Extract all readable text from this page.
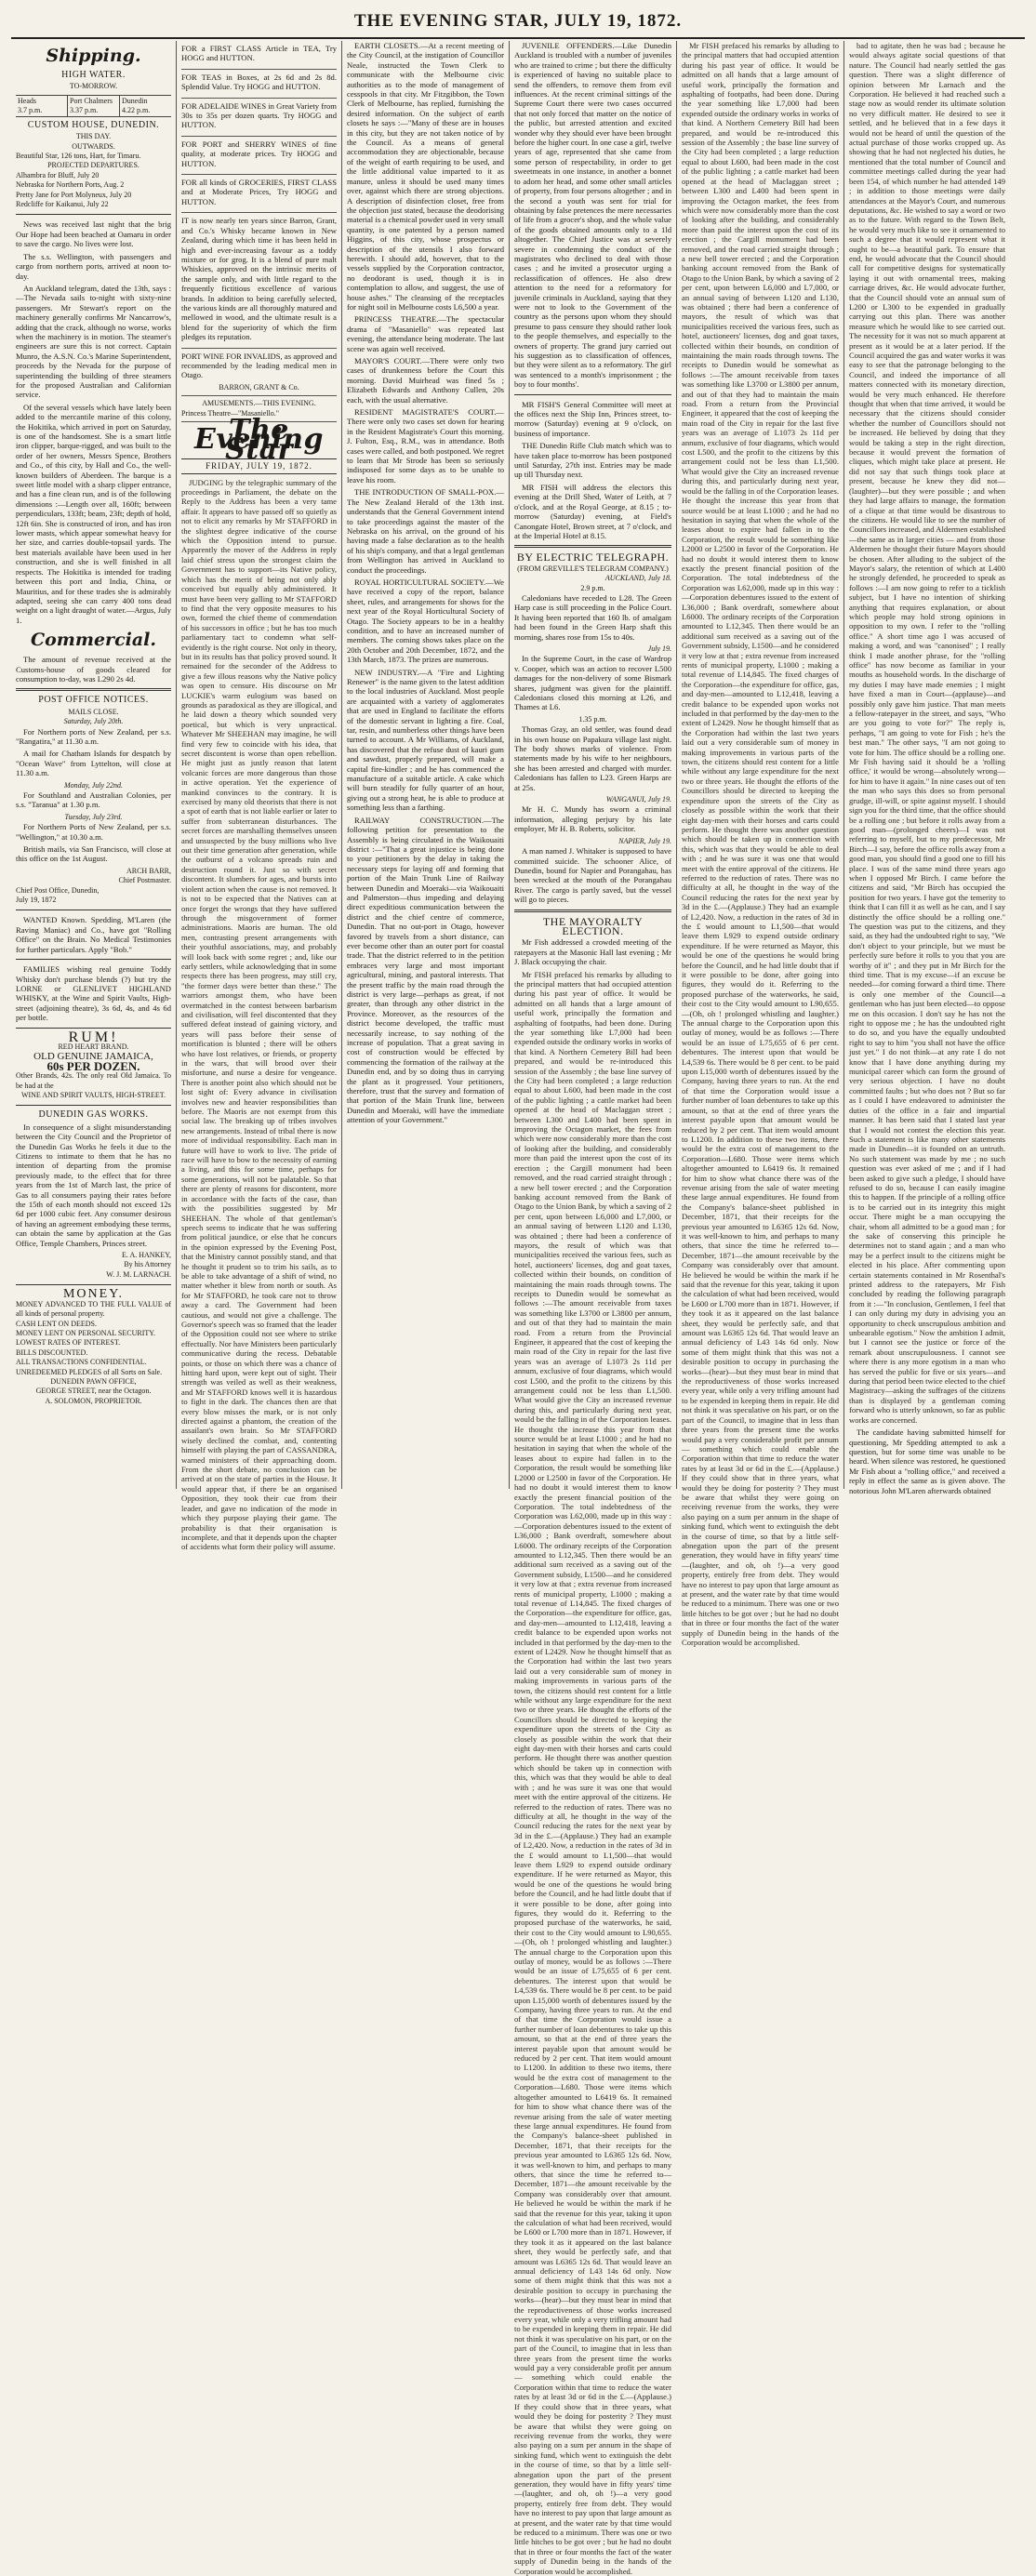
THE EVENING STAR, JULY 19, 1872.
Shipping.
HIGH WATER.
TO-MORROW.
Heads
3.7 p.m.
Port Chalmers
3.37 p.m.
Dunedin
4.22 p.m.
CUSTOM HOUSE, DUNEDIN.
THIS DAY.
OUTWARDS.
Beautiful Star, 126 tons, Hart, for Timaru.
PROJECTED DEPARTURES.
Alhambra for Bluff, July 20
Nebraska for Northern Ports, Aug. 2
Pretty Jane for Port Molyneux, July 20
Redcliffe for Kaikanui, July 22

News was received last night that the brig Our Hope had been beached at Oamaru in order to save the cargo. No lives were lost.

The s.s. Wellington, with passengers and cargo from northern ports, arrived at noon to-day.

An Auckland telegram, dated the 13th, says :—The Nevada sails to-night with sixty-nine passengers. Mr Stewart's report on the machinery generally confirms Mr Nancarrow's, adding that the crack, although no worse, works when the machinery is in motion. The steamer's engineers are sure this is not correct. Captain Munro, the A.S.N. Co.'s Marine Superintendent, proceeds by the Nevada for the purpose of superintending the building of three steamers for the proposed Australian and Californian service.

Of the several vessels which have lately been added to the mercantile marine of this colony, the Hokitika, which arrived in port on Saturday, is one of the handsomest. She is a smart little iron clipper, barque-rigged, and was built to the order of her owners, Messrs Spence, Brothers and Co., of this city, by Hall and Co., the well-known builders of Aberdeen. The barque is a sweet little model with a sharp clipper entrance, and has a fine clean run, and is of the following dimensions :—Length over all, 160ft; between perpendiculars, 133ft; beam, 23ft; depth of hold, 12ft 6in. She is constructed of iron, and has iron lower masts, which appear somewhat heavy for her size, and carries double-topsail yards. The best materials available have been used in her construction, and she is well finished in all respects. The Hokitika is intended for trading between this port and India, China, or Mauritius, and for these trades she is admirably adapted, seeing she can carry 400 tons dead weight on a light draught of water.—Argus, July 1.

Commercial.

The amount of revenue received at the Customs-house of goods cleared for consumption to-day, was L290 2s 4d.

POST OFFICE NOTICES.
MAILS CLOSE.
Saturday, July 20th.

For Northern ports of New Zealand, per s.s. "Rangatira," at 11.30 a.m.

A mail for Chatham Islands for despatch by "Ocean Wave" from Lyttelton, will close at 11.30 a.m.

Monday, July 22nd.

For Southland and Australian Colonies, per s.s. "Taranua" at 1.30 p.m.

Tuesday, July 23rd.

For Northern Ports of New Zealand, per s.s. "Wellington," at 10.30 a.m.

British mails, via San Francisco, will close at this office on the 1st August.

ARCH BARR,
Chief Postmaster.
Chief Post Office, Dunedin,
July 19, 1872

WANTED Known. Spedding, M'Laren (the Raving Maniac) and Co., have got "Rolling Office" on the Brain. No Medical Testimonies for further particulars. Apply "Bob."

FAMILIES wishing real genuine Toddy Whisky don't purchase blends (?) but try the LORNE or GLENLIVET HIGHLAND WHISKY, at the Wine and Spirit Vaults, High-street (adjoining theatre), 3s 6d, 4s, and 4s 6d per bottle.

RUM!
RED HEART BRAND.
OLD GENUINE JAMAICA,
60s PER DOZEN.
Other Brands, 42s. The only real Old Jamaica. To be had at the
WINE AND SPIRIT VAULTS, HIGH-STREET.
DUNEDIN GAS WORKS.

In consequence of a slight misunderstanding between the City Council and the Proprietor of the Dunedin Gas Works he feels it due to the Citizens to intimate to them that he has no intention of departing from the promise previously made, to the effect that for three years from the 1st of March last, the price of Gas to all consumers paying their rates before the 15th of each month should not exceed 12s 6d per 1000 cubic feet. Any consumer desirous of having an agreement embodying these terms, can obtain the same by application at the Gas Office, Temple Chambers, Princes street.

E. A. HANKEY,
By his Attorney
W. J. M. LARNACH.
MONEY.
MONEY ADVANCED TO THE FULL VALUE of all kinds of personal property.
CASH LENT ON DEEDS.
MONEY LENT ON PERSONAL SECURITY.
LOWEST RATES OF INTEREST.
BILLS DISCOUNTED.
ALL TRANSACTIONS CONFIDENTIAL.
UNREDEEMED PLEDGES of all Sorts on Sale.
DUNEDIN PAWN OFFICE,
GEORGE STREET, near the Octagon.
A. SOLOMON, PROPRIETOR.

FOR a FIRST CLASS Article in TEA, Try HOGG and HUTTON.

FOR TEAS in Boxes, at 2s 6d and 2s 8d. Splendid Value. Try HOGG and HUTTON.

FOR ADELAIDE WINES in Great Variety from 30s to 35s per dozen quarts. Try HOGG and HUTTON.

FOR PORT and SHERRY WINES of fine quality, at moderate prices. Try HOGG and HUTTON.

FOR all kinds of GROCERIES, FIRST CLASS and at Moderate Prices, Try HOGG and HUTTON.

IT is now nearly ten years since Barron, Grant, and Co.'s Whisky became known in New Zealand, during which time it has been held in high and ever-increasing favour as a toddy mixture or for grog. It is a blend of pure malt Whiskies, approved on the intrinsic merits of the sample only, and with little regard to the frequently fictitious excellence of various brands. In addition to being carefully selected, the various kinds are all thoroughly matured and mellowed in wood, and the ultimate result is a blend for the superiority of which the firm pledges its reputation.

PORT WINE FOR INVALIDS, as approved and recommended by the leading medical men in Otago.

BARRON, GRANT & Co.
AMUSEMENTS.—THIS EVENING.
Princess Theatre—"Masaniello."
The Evening Star
FRIDAY, JULY 19, 1872.

JUDGING by the telegraphic summary of the proceedings in Parliament, the debate on the Reply to the Address has been a very tame affair. It appears to have passed off so quietly as not to elicit any remarks by Mr STAFFORD in the slightest degree indicative of the course which the Opposition intend to pursue. Apparently the mover of the Address in reply laid chief stress upon the strongest claim the Government has to support—its Native policy, which has the merit of being not only ably conceived but equally ably administered. It must have been very galling to Mr STAFFORD to find that the very opposite measures to his own, formed the chief theme of commendation of his successors in office ; but he has too much parliamentary tact to condemn what self-evidently is the right course. Not only in theory, but in its results has that policy proved sound. It remained for the seconder of the Address to give a few illous reasons why the Native policy was open to censure. His discourse on Mr LUCKIE's warm eulogium was based on grounds as paradoxical as they are illogical, and he laid down a theory which sounded very poetical, but which is very unpractical. Whatever Mr SHEEHAN may imagine, he will find very few to coincide with his idea, that secret discontent is worse than open rebellion. He might just as justly reason that latent volcanic forces are more dangerous than those in active operation. Yet the experience of mankind convinces to the contrary. It is exercised by many old theorists that there is not a spot of earth that is not liable earlier or later to suffer from subterranean disturbances. The secret forces are marshalling themselves unseen and unsuspected by the busy millions who live out their time generation after generation, while the outburst of a volcano spreads ruin and destruction round it. Just so with secret discontent. It slumbers for ages, and bursts into violent action when the cause is not removed. It is not to be expected that the Natives can at once forget the wrongs that they have suffered through the misgovernment of former administrations. Maoris are human. The old men, contrasting present arrangements with their youthful associations, may, and probably will look back with some regret ; and, like our early settlers, while acknowledging that in some respects there has been progress, may still cry, "the former days were better than these." The warriors amongst them, who have been overmatched in the contest between barbarism and civilisation, will feel discontented that they suffered defeat instead of gaining victory, and years will pass before their sense of mortification is blunted ; there will be others who have lost relatives, or friends, or property in the wars, that will brood over their misfortune, and nurse a desire for vengeance. There is another point also which should not be lost sight of: Every advance in civilisation involves new and heavier responsibilities than before. The Maoris are not exempt from this social law. The breaking up of tribes involves new arrangements. Instead of tribal there is now more of individual responsibility. Each man in future will have to work to live. The pride of race will have to bow to the necessity of earning a living, and this for some time, perhaps for some generations, will not be palatable. So that there are plenty of reasons for discontent, more in accordance with the facts of the case, than with the possibilities suggested by Mr SHEEHAN. The whole of that gentleman's speech seems to indicate that he was suffering from political jaundice, or else that he concurs in the opinion expressed by the Evening Post, that the Ministry cannot possibly stand, and that he thought it prudent so to trim his sails, as to be able to take advantage of a shift of wind, no matter whether it blew from north or south. As for Mr STAFFORD, he took care not to throw away a card. The Government had been cautious, and would not give a challenge. The Governor's speech was so framed that the leader of the Opposition could not see where to strike effectually. Nor have Ministers been particularly communicative during the recess. Debatable points, or those on which there was a chance of hitting hard upon, were kept out of sight. Their strength was veiled as well as their weakness, and Mr STAFFORD knows well it is hazardous to fight in the dark. The chances then are that every blow misses the mark, or is not only directed against a phantom, the creation of the assailant's own brain. So Mr STAFFORD wisely declined the combat, and, contenting himself with playing the part of CASSANDRA, warned ministers of their approaching doom. From the short debate, no conclusion can be arrived at on the state of parties in the House. It would appear that, if there be an organised Opposition, they took their cue from their leader, and gave no indication of the mode in which they purpose playing their game. The probability is that their organisation is incomplete, and that it depends upon the chapter of accidents what form their policy will assume.

EARTH CLOSETS.—At a recent meeting of the City Council, at the instigation of Councillor Neale, instructed the Town Clerk to communicate with the Melbourne civic authorities as to the mode of management of cesspools in that city. Mr Fitzgibbon, the Town Clerk of Melbourne, has replied, furnishing the desired information. On the subject of earth closets he says :—"Many of these are in houses in this city, but they are not taken notice of by the Council. As a means of general accommodation they are objectionable, because of the weight of earth requiring to be used, and the little additional value imparted to it as manure, unless it should be used many times over, against which there are strong objections. A description of disinfection closet, free from the objection just stated, because the deodorising material is a chemical powder used in very small quantity, is one patented by a person named Higgins, of this city, whose prospectus or description of the utensils I also forward herewith. I should add, however, that to the vessels supplied by the Corporation contractor, no deodorant is used, though it is in contemplation to allow, and suggest, the use of house ashes." The cleansing of the receptacles for night soil in Melbourne costs L6,500 a year.

PRINCESS THEATRE.—The spectacular drama of "Masaniello" was repeated last evening, the attendance being moderate. The last scene was again well received.

MAYOR'S COURT.—There were only two cases of drunkenness before the Court this morning. David Muirhead was fined 5s ; Elizabeth Edwards and Anthony Cullen, 20s each, with the usual alternative.

RESIDENT MAGISTRATE'S COURT.—There were only two cases set down for hearing in the Resident Magistrate's Court this morning. J. Fulton, Esq., R.M., was in attendance. Both cases were called, and both postponed. We regret to learn that Mr Strode has been so seriously indisposed for some days as to be unable to leave his room.

THE INTRODUCTION OF SMALL-POX.—The New Zealand Herald of the 13th inst. understands that the General Government intend to take proceedings against the master of the Nebraska on his arrival, on the ground of his having made a false declaration as to the health of his ship's company, and that a legal gentleman from Wellington has arrived in Auckland to conduct the proceedings.

ROYAL HORTICULTURAL SOCIETY.—We have received a copy of the report, balance sheet, rules, and arrangements for shows for the next year of the Royal Horticultural Society of Otago. The Society appears to be in a healthy condition, and to have an increased number of members. The coming shows takes place on the 20th October and 20th December, 1872, and the 13th March, 1873. The prizes are numerous.

NEW INDUSTRY.—A "Fire and Lighting Renewer" is the name given to the latest addition to the local industries of Auckland. Most people are acquainted with a variety of agglomerates that are used in England to facilitate the efforts of the domestic servant in lighting a fire. Coal, tar, resin, and numberless other things have been turned to account. A Mr Williams, of Auckland, has discovered that the refuse dust of kauri gum and sawdust, properly prepared, will make a capital fire-kindler ; and he has commenced the manufacture of a suitable article. A cake which will burn steadily for fully quarter of an hour, giving out a strong heat, he is able to produce at something less than a farthing.

RAILWAY CONSTRUCTION.—The following petition for presentation to the Assembly is being circulated in the Waikouaiti district :—"That a great injustice is being done to your petitioners by the delay in taking the necessary steps for laying off and forming that portion of the Main Trunk Line of Railway between Dunedin and Moeraki—via Waikouaiti and Palmerston—thus impeding and delaying direct expeditious communication between the district and the chief centre of commerce, Dunedin. That no out-port in Otago, however favored by travels from a short distance, can ever become other than an outer port for coastal trade. That the district referred to in the petition embraces very large and most important agricultural, mining, and pastoral interests. That the present traffic by the main road through the district is very large—perhaps as great, if not greater, than through any other district in the Province. Moreover, as the resources of the district become developed, the traffic must necessarily increase, to say nothing of the increase of population. That a great saving in cost of construction would be effected by commencing the formation of the railway at the Dunedin end, and by so doing thus in carrying the plant as it progressed. Your petitioners, therefore, trust that the survey and formation of that portion of the Main Trunk line, between Dunedin and Moeraki, will have the immediate attention of your Government."

JUVENILE OFFENDERS.—Like Dunedin Auckland is troubled with a number of juveniles who are trained to crime ; but there the difficulty is experienced of having no suitable place to send the offenders, to remove them from evil influences. At the recent criminal sittings of the Supreme Court there were two cases occurred that not only forced that matter on the notice of the public, but arrested attention and excited wonder why they should ever have been brought before the higher court. In one case a girl, twelve years of age, represented that she came from some person of respectability, in order to get sweetmeats in one instance, in another a bonnet to adorn her head, and some other small articles of property, from four persons altogether ; and in the second a youth was sent for trial for obtaining by false pretences the mere necessaries of life from a grocer's shop, and the whole value of the goods obtained amounts only to a 1ld altogether. The Chief Justice was at severely severe in condemning the conduct of the magistrates who declined to deal with those cases ; and he invited a prosecutor urging a reclassification of offences. He also drew attention to the need for a reformatory for juvenile criminals in Auckland, saying that they were not to look to the Government of the country as the persons upon whom they should presume to pass censure they should rather look to the people themselves, and especially to the owners of property. The grand jury carried out his suggestion as to classification of offences, but they were silent as to a reformatory. The girl was sentenced to a month's imprisonment ; the boy to four months'.

MR FISH'S General Committee will meet at the offices next the Ship Inn, Princes street, to-morrow (Saturday) evening at 9 o'clock, on business of importance.

THE Dunedin Rifle Club match which was to have taken place to-morrow has been postponed until Saturday, 27th inst. Entries may be made up till Thursday next.

MR FISH will address the electors this evening at the Drill Shed, Water of Leith, at 7 o'clock, and at the Royal George, at 8.15 ; to-morrow (Saturday) evening, at Field's Canongate Hotel, Brown street, at 7 o'clock, and at the Imperial Hotel at 8.15.

BY ELECTRIC TELEGRAPH.
(FROM GREVILLE'S TELEGRAM COMPANY.)
AUCKLAND, July 18.
2.9 p.m.

Caledonians have receded to L28. The Green Harp case is still proceeding in the Police Court. It having been reported that 160 lb. of amalgam had been found in the Green Harp shaft this morning, shares rose from 15s to 40s.

July 19.

In the Supreme Court, in the case of Wardrop v. Cooper, which was an action to recover L500 damages for the non-delivery of some Bismark shares, judgment was given for the plaintiff. Caledonians closed this morning at L26, and Thames at L6.

1.35 p.m.

Thomas Gray, an old settler, was found dead in his own house on Papakura village last night. The body shows marks of violence. From statements made by his wife to her neighbours, she has been arrested and charged with murder. Caledonians has fallen to L23. Green Harps are at 25s.

WANGANUI, July 19.

Mr H. C. Mundy has sworn a criminal information, alleging perjury by his late employer, Mr H. B. Roberts, solicitor.

NAPIER, July 19.

A man named J. Whitaker is supposed to have committed suicide. The schooner Alice, of Dunedin, bound for Napier and Porangahau, has been wrecked at the mouth of the Porangahau River. The cargo is partly saved, but the vessel will go to pieces.

THE MAYORALTY ELECTION.

Mr Fish addressed a crowded meeting of the ratepayers at the Masonic Hall last evening ; Mr J. Black occupying the chair.

Mr FISH prefaced his remarks by alluding to the principal matters that had occupied attention during his past year of office. It would be admitted on all hands that a large amount of useful work, principally the formation and asphalting of footpaths, had been done. During the year something like L7,000 had been expended outside the ordinary works in works of that kind. A Northern Cemetery Bill had been prepared, and would be re-introduced this session of the Assembly ; the base line survey of the City had been completed ; a large reduction equal to about L600, had been made in the cost of the public lighting ; a cattle market had been opened at the head of Maclaggan street ; between L300 and L400 had been spent in improving the Octagon market, the fees from which were now considerably more than the cost of looking after the building, and considerably more than paid the interest upon the cost of its erection ; the Cargill monument had been removed, and the road carried straight through ; a new bell tower erected ; and the Corporation banking account removed from the Bank of Otago to the Union Bank, by which a saving of 2 per cent, upon between L6,000 and L7,000, or an annual saving of between L120 and L130, was obtained ; there had been a conference of mayors, the result of which was that municipalities received the various fees, such as hotel, auctioneers' licenses, dog and goat taxes, collected within their bounds, on condition of maintaining the main roads through towns. The receipts to Dunedin would be somewhat as follows :—The amount receivable from taxes was something like L3700 or L3800 per annum, and out of that they had to maintain the main road. From a return from the Provincial Engineer, it appeared that the cost of keeping the main road of the City in repair for the last five years was an average of L1073 2s 11d per annum, exclusive of four diagrams, which would cost L500, and the profit to the citizens by this arrangement could not be less than L1,500. What would give the City an increased revenue during this, and particularly during next year, would be the falling in of the Corporation leases. He thought the increase this year from that source would be at least L1000 ; and he had no hesitation in saying that when the whole of the leases about to expire had fallen in to the Corporation, the result would be something like L2000 or L2500 in favor of the Corporation. He had no doubt it would interest them to know exactly the present financial position of the Corporation. The total indebtedness of the Corporation was L62,000, made up in this way :—Corporation debentures issued to the extent of L36,000 ; Bank overdraft, somewhere about L6000. The ordinary receipts of the Corporation amounted to L12,345. Then there would be an additional sum received as a saving out of the Government subsidy, L1500—and he considered it very low at that ; extra revenue from increased rents of municipal property, L1000 ; making a total revenue of L14,845. The fixed charges of the Corporation—the expenditure for office, gas, and day-men—amounted to L12,418, leaving a credit balance to be expended upon works not included in that performed by the day-men to the extent of L2429. Now he thought himself that as the Corporation had within the last two years laid out a very considerable sum of money in making improvements in various parts of the town, the citizens should rest content for a little while without any large expenditure for the next two or three years. He thought the efforts of the Councillors should be directed to keeping the expenditure upon the streets of the City as closely as possible within the work that their eight day-men with their horses and carts could perform. He thought there was another question which should be taken up in connection with this, which was that they would be able to deal with ; and he was sure it was one that would meet with the entire approval of the citizens. He referred to the reduction of rates. There was no difficulty at all, he thought in the way of the Council reducing the rates for the next year by 3d in the £.—(Applause.) They had an example of L2,420. Now, a reduction in the rates of 3d in the £ would amount to L1,500—that would leave them L929 to expend outside ordinary expenditure. If he were returned as Mayor, this would be one of the questions he would bring before the Council, and he had little doubt that if it were possible to be done, after going into figures, they would do it. Referring to the proposed purchase of the waterworks, he said, their cost to the City would amount to L90,655.—(Oh, oh ! prolonged whistling and laughter.) The annual charge to the Corporation upon this outlay of money, would be as follows :—There would be an issue of L75,655 of 6 per cent. debentures. The interest upon that would be L4,539 6s. There would be 8 per cent. to be paid upon L15,000 worth of debentures issued by the Company, having three years to run. At the end of that time the Corporation would issue a further number of loan debentures to take up this amount, so that at the end of three years the interest payable upon that amount would be reduced by 2 per cent. That item would amount to L1200. In addition to these two items, there would be the extra cost of management to the Corporation—L680. Those were items which altogether amounted to L6419 6s. It remained for him to show what chance there was of the revenue arising from the sale of water meeting these large annual expenditures. He found from the Company's balance-sheet published in December, 1871, that their receipts for the previous year amounted to L6365 12s 6d. Now, it was well-known to him, and perhaps to many others, that since the time he referred to—December, 1871—the amount receivable by the Company was considerably over that amount. He believed he would be within the mark if he said that the revenue for this year, taking it upon the calculation of what had been received, would be L600 or L700 more than in 1871. However, if they took it as it appeared on the last balance sheet, they would be perfectly safe, and that amount was L6365 12s 6d. That would leave an annual deficiency of L43 14s 6d only. Now some of them might think that this was not a desirable position to occupy in purchasing the works—(hear)—but they must bear in mind that the reproductiveness of those works increased every year, while only a very trifling amount had to be expended in keeping them in repair. He did not think it was speculative on his part, or on the part of the Council, to imagine that in less than three years from the present time the works would pay a very considerable profit per annum — something which could enable the Corporation within that time to reduce the water rates by at least 3d or 6d in the £.—(Applause.) If they could show that in three years, what would they be doing for posterity ? They must be aware that whilst they were going on receiving revenue from the works, they were also paying on a sum per annum in the shape of sinking fund, which went to extinguish the debt in the course of time, so that by a little self-abnegation upon the part of the present generation, they would have in fifty years' time—(laughter, and oh, oh !)—a very good property, entirely free from debt. They would have no interest to pay upon that large amount as at present, and the water rate by that time would be reduced to a minimum. There was one or two little hitches to be got over ; but he had no doubt that in three or four months the fact of the water supply of Dunedin being in the hands of the Corporation would be accomplished.

Mr FISH prefaced his remarks by alluding to the principal matters that had occupied attention during his past year of office. It would be admitted on all hands that a large amount of useful work, principally the formation and asphalting of footpaths, had been done. During the year something like L7,000 had been expended outside the ordinary works in works of that kind. A Northern Cemetery Bill had been prepared, and would be re-introduced this session of the Assembly ; the base line survey of the City had been completed ; a large reduction equal to about L600, had been made in the cost of the public lighting ; a cattle market had been opened at the head of Maclaggan street ; between L300 and L400 had been spent in improving the Octagon market, the fees from which were now considerably more than the cost of looking after the building, and considerably more than paid the interest upon the cost of its erection ; the Cargill monument had been removed, and the road carried straight through ; a new bell tower erected ; and the Corporation banking account removed from the Bank of Otago to the Union Bank, by which a saving of 2 per cent, upon between L6,000 and L7,000, or an annual saving of between L120 and L130, was obtained ; there had been a conference of mayors, the result of which was that municipalities received the various fees, such as hotel, auctioneers' licenses, dog and goat taxes, collected within their bounds, on condition of maintaining the main roads through towns. The receipts to Dunedin would be somewhat as follows :—The amount receivable from taxes was something like L3700 or L3800 per annum, and out of that they had to maintain the main road. From a return from the Provincial Engineer, it appeared that the cost of keeping the main road of the City in repair for the last five years was an average of L1073 2s 11d per annum, exclusive of four diagrams, which would cost L500, and the profit to the citizens by this arrangement could not be less than L1,500. What would give the City an increased revenue during this, and particularly during next year, would be the falling in of the Corporation leases. He thought the increase this year from that source would be at least L1000 ; and he had no hesitation in saying that when the whole of the leases about to expire had fallen in to the Corporation, the result would be something like L2000 or L2500 in favor of the Corporation. He had no doubt it would interest them to know exactly the present financial position of the Corporation. The total indebtedness of the Corporation was L62,000, made up in this way :—Corporation debentures issued to the extent of L36,000 ; Bank overdraft, somewhere about L6000. The ordinary receipts of the Corporation amounted to L12,345. Then there would be an additional sum received as a saving out of the Government subsidy, L1500—and he considered it very low at that ; extra revenue from increased rents of municipal property, L1000 ; making a total revenue of L14,845. The fixed charges of the Corporation—the expenditure for office, gas, and day-men—amounted to L12,418, leaving a credit balance to be expended upon works not included in that performed by the day-men to the extent of L2429. Now he thought himself that as the Corporation had within the last two years laid out a very considerable sum of money in making improvements in various parts of the town, the citizens should rest content for a little while without any large expenditure for the next two or three years. He thought the efforts of the Councillors should be directed to keeping the expenditure upon the streets of the City as closely as possible within the work that their eight day-men with their horses and carts could perform. He thought there was another question which should be taken up in connection with this, which was that they would be able to deal with ; and he was sure it was one that would meet with the entire approval of the citizens. He referred to the reduction of rates. There was no difficulty at all, he thought in the way of the Council reducing the rates for the next year by 3d in the £.—(Applause.) They had an example of L2,420. Now, a reduction in the rates of 3d in the £ would amount to L1,500—that would leave them L929 to expend outside ordinary expenditure. If he were returned as Mayor, this would be one of the questions he would bring before the Council, and he had little doubt that if it were possible to be done, after going into figures, they would do it. Referring to the proposed purchase of the waterworks, he said, their cost to the City would amount to L90,655.—(Oh, oh ! prolonged whistling and laughter.) The annual charge to the Corporation upon this outlay of money, would be as follows :—There would be an issue of L75,655 of 6 per cent. debentures. The interest upon that would be L4,539 6s. There would be 8 per cent. to be paid upon L15,000 worth of debentures issued by the Company, having three years to run. At the end of that time the Corporation would issue a further number of loan debentures to take up this amount, so that at the end of three years the interest payable upon that amount would be reduced by 2 per cent. That item would amount to L1200. In addition to these two items, there would be the extra cost of management to the Corporation—L680. Those were items which altogether amounted to L6419 6s. It remained for him to show what chance there was of the revenue arising from the sale of water meeting these large annual expenditures. He found from the Company's balance-sheet published in December, 1871, that their receipts for the previous year amounted to L6365 12s 6d. Now, it was well-known to him, and perhaps to many others, that since the time he referred to—December, 1871—the amount receivable by the Company was considerably over that amount. He believed he would be within the mark if he said that the revenue for this year, taking it upon the calculation of what had been received, would be L600 or L700 more than in 1871. However, if they took it as it appeared on the last balance sheet, they would be perfectly safe, and that amount was L6365 12s 6d. That would leave an annual deficiency of L43 14s 6d only. Now some of them might think that this was not a desirable position to occupy in purchasing the works—(hear)—but they must bear in mind that the reproductiveness of those works increased every year, while only a very trifling amount had to be expended in keeping them in repair. He did not think it was speculative on his part, or on the part of the Council, to imagine that in less than three years from the present time the works would pay a very considerable profit per annum — something which could enable the Corporation within that time to reduce the water rates by at least 3d or 6d in the £.—(Applause.) If they could show that in three years, what would they be doing for posterity ? They must be aware that whilst they were going on receiving revenue from the works, they were also paying on a sum per annum in the shape of sinking fund, which went to extinguish the debt in the course of time, so that by a little self-abnegation upon the part of the present generation, they would have in fifty years' time—(laughter, and oh, oh !)—a very good property, entirely free from debt. They would have no interest to pay upon that large amount as at present, and the water rate by that time would be reduced to a minimum. There was one or two little hitches to be got over ; but he had no doubt that in three or four months the fact of the water supply of Dunedin being in the hands of the Corporation would be accomplished.

bad to agitate, then he was bad ; because he would always agitate social questions of that nature. The Council had nearly settled the gas question. There was a slight difference of opinion between Mr Larnach and the Corporation. He believed it had reached such a stage now as would render its ultimate solution no very difficult matter. He desired to see it settled, and he believed that in a few days it would not be heard of until the question of the actual purchase of those works cropped up. As showing that he had not neglected his duties, he mentioned that the total number of Council and committee meetings called during the year had been 154, of which number he had attended 149 ; in addition to those meetings were daily attendances at the Mayor's Court, and numerous deputations, &c. He wished to say a word or two as to the future. With regard to the Town Belt, he would very much like to see it ornamented to such a degree that it would represent what it ought to be—a beautiful park. To ensure that end, he would advocate that the Council should call for competitive designs for systematically laying it out with ornamental trees, making carriage drives, &c. He would advocate further, that the Council should vote an annual sum of L200 or L300 to be expended in gradually carrying out this plan. There was another measure which he would like to see carried out. The necessity for it was not so much apparent at present as it would be at a later period. If the Council acquired the gas and water works it was easy to see that the patronage belonging to the Council, and indeed the importance of all matters connected with its monetary direction, would be very much enhanced. He therefore thought that when that time arrived, it would be necessary that the citizens should consider whether the number of Councillors should not be increased. He believed by doing that they would be taking a step in the right direction, because it would prevent the formation of cliques, which might take place at present. He did not say that such things took place at present, because he knew they did not—(laughter)—but they were possible ; and when they had large affairs to manage, the formation of a clique at that time would be disastrous to the citizens. He would like to see the number of Councillors increased, and Aldermen established—the same as in larger cities — and from those Aldermen he thought their future Mayors should be chosen. After alluding to the subject of the Mayor's salary, the retention of which at L400 he strongly defended, he proceeded to speak as follows :—I am now going to refer to a ticklish subject, but I have no intention of shirking anything that requires explanation, or about which people may hold strong opinions in opposition to my own. I refer to the "rolling office." A short time ago I was accused of making a word, and was "canonised" ; I really think I made another phrase, for the "rolling office" has now become as familiar in your mouths as household words. In the discharge of my duties I may have made enemies ; I might have fixed a man in Court—(applause)—and possibly only gave him justice. That man meets a fellow-ratepayer in the street, and says, "Who are you going to vote for?" The reply is, perhaps, "I am going to vote for Fish ; he's the best man." The other says, "I am not going to vote for him. The office should be a rolling one. Mr Fish having said it should be a 'rolling office,' it would be wrong—absolutely wrong—for him to have it again." In nine cases out of ten the man who says this does so from personal grudge, ill-will, or spite against myself. I should sign you for the third time, that the office should be a rolling one ; but before it rolls away from a good man—(prolonged cheers)—I was not referring to myself, but to my predecessor, Mr Birch—I say, before the office rolls away from a good man, you should find a good one to fill his place. I was of the same mind three years ago when I opposed Mr Birch. I came before the citizens and said, "Mr Birch has occupied the position for two years. I have got the temerity to think that I can fill it as well as he can, and I say distinctly the office should be a rolling one." The question was put to the citizens, and they said, as they had the undoubted right to say, "We don't object to your principle, but we must be perfectly sure before it rolls to you that you are worthy of it" ; and they put in Mr Birch for the third time. That is my excuse—if an excuse be needed—for coming forward a third time. There is only one member of the Council—a gentleman who has just been elected—to oppose me on this occasion. I don't say he has not the right to oppose me ; he has the undoubted right to do so, and you have the equally undoubted right to say to him "you shall not have the office just yet." I do not think—at any rate I do not know that I have done anything during my municipal career which can form the ground of very serious objection. I have no doubt committed faults ; but who does not ? But so far as I could I have endeavored to administer the duties of the office in a fair and impartial manner. It has been said that I stated last year that I would not contest the election this year. Such a statement is like many other statements made in Dunedin—it is founded on an untruth. No such statement was made by me ; no such question was ever asked of me ; and if I had been asked to give such a pledge, I should have refused to do so, because I can easily imagine this to happen. If the principle of a rolling office is to be carried out in its integrity this might occur. There might be a man occupying the chair, whom all admitted to be a good man ; for the sake of conserving this principle he determines not to stand again ; and a man who may be a perfect insult to the citizens might be elected in his place. After commenting upon certain statements contained in Mr Rosenthal's printed address to the ratepayers, Mr Fish concluded by reading the following paragraph from it :—"In conclusion, Gentlemen, I feel that I can only during my duty in advising you an opportunity to check unscrupulous ambition and unbearable egotism." Now the ambition I admit, but I cannot see the justice or force of the remark about unscrupulousness. I cannot see where there is any more egotism in a man who has served the public for five or six years—and during that period been twice elected to the chief Magistracy—asking the suffrages of the citizens than is displayed by a gentleman coming forward who is utterly unknown, so far as public works are concerned.

The candidate having submitted himself for questioning, Mr Spedding attempted to ask a question, but for some time was unable to be heard. When silence was restored, he questioned Mr Fish about a "rolling office," and received a reply in effect the same as is given above. The notorious John M'Laren afterwards obtained
